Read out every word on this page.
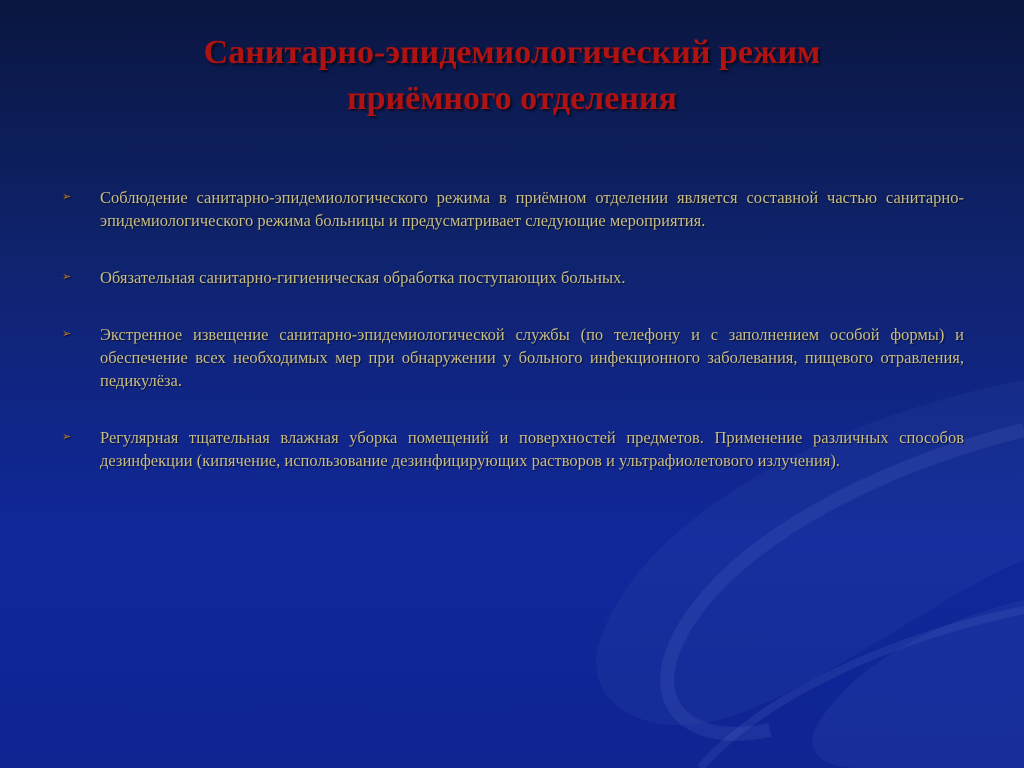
Санитарно-эпидемиологический режим
приёмного отделения
➢ Соблюдение санитарно-эпидемиологического режима в приёмном отделении является составной частью санитарно-эпидемиологического режима больницы и предусматривает следующие мероприятия.
➢ Обязательная санитарно-гигиеническая обработка поступающих больных.
➢ Экстренное извещение санитарно-эпидемиологической службы (по телефону и с заполнением особой формы) и обеспечение всех необходимых мер при обнаружении у больного инфекционного заболевания, пищевого отравления, педикулёза.
➢ Регулярная тщательная влажная уборка помещений и поверхностей предметов. Применение различных способов дезинфекции (кипячение, использование дезинфицирующих растворов и ультрафиолетового излучения).
